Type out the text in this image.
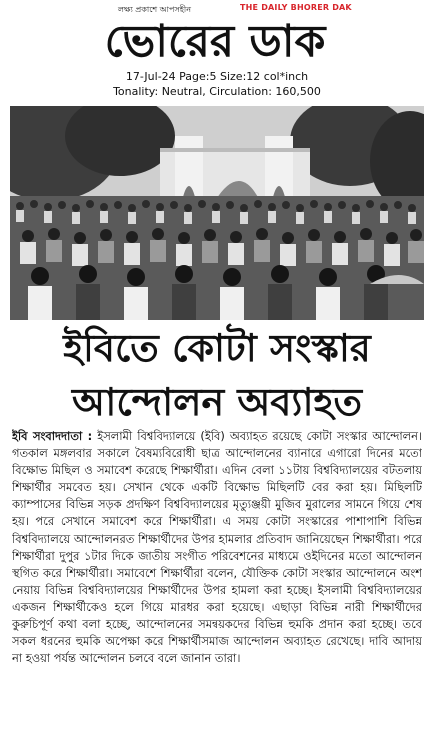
লক্ষ্য প্রকাশে আপসহীন	THE DAILY BHORER DAK
ভোরের ডাক
17-Jul-24 Page:5 Size:12 col*inch
Tonality: Neutral, Circulation: 160,500
ইবিতে কোটা সংস্কার
আন্দোলন অব্যাহত
ইবি সংবাদদাতা : ইসলামী বিশ্ববিদ্যালয়ে (ইবি) অব্যাহত রয়েছে কোটা সংস্কার আন্দোলন। গতকাল মঙ্গলবার সকালে বৈষম্যবিরোধী ছাত্র আন্দোলনের ব্যানারে এগারো দিনের মতো বিক্ষোভ মিছিল ও সমাবেশ করেছে শিক্ষার্থীরা। এদিন বেলা ১১টায় বিশ্ববিদ্যালয়ের বটতলায় শিক্ষার্থীর সমবেত হয়। সেখান থেকে একটি বিক্ষোভ মিছিলটি বের করা হয়। মিছিলটি ক্যাম্পাসের বিভিন্ন সড়ক প্রদক্ষিণ বিশ্ববিদ্যালয়ের মৃত্যুঞ্জয়ী মুজিব মুরালের সামনে গিয়ে শেষ হয়। পরে সেখানে সমাবেশ করে শিক্ষার্থীরা। এ সময় কোটা সংস্কারের পাশাপাশি বিভিন্ন বিশ্ববিদ্যালয়ে আন্দোলনরত শিক্ষার্থীদের উপর হামলার প্রতিবাদ জানিয়েছেন শিক্ষার্থীরা। পরে শিক্ষার্থীরা দুপুর ১টার দিকে জাতীয় সংগীত পরিবেশনের মাধ্যমে ওইদিনের মতো আন্দোলন স্থগিত করে শিক্ষার্থীরা। সমাবেশে শিক্ষার্থীরা বলেন, যৌক্তিক কোটা সংস্কার আন্দোলনে অংশ নেয়ায় বিভিন্ন বিশ্ববিদ্যালয়ের শিক্ষার্থীদের উপর হামলা করা হচ্ছে। ইসলামী বিশ্ববিদ্যালয়ের একজন শিক্ষার্থীকেও হলে গিয়ে মারধর করা হয়েছে। এছাড়া বিভিন্ন নারী শিক্ষার্থীদের কুরুচিপূর্ণ কথা বলা হচ্ছে, আন্দোলনের সমন্বয়কদের বিভিন্ন হুমকি প্রদান করা হচ্ছে। তবে সকল ধরনের হুমকি অপেক্ষা করে শিক্ষার্থীসমাজ আন্দোলন অব্যাহত রেখেছে। দাবি আদায় না হওয়া পর্যন্ত আন্দোলন চলবে বলে জানান তারা।
